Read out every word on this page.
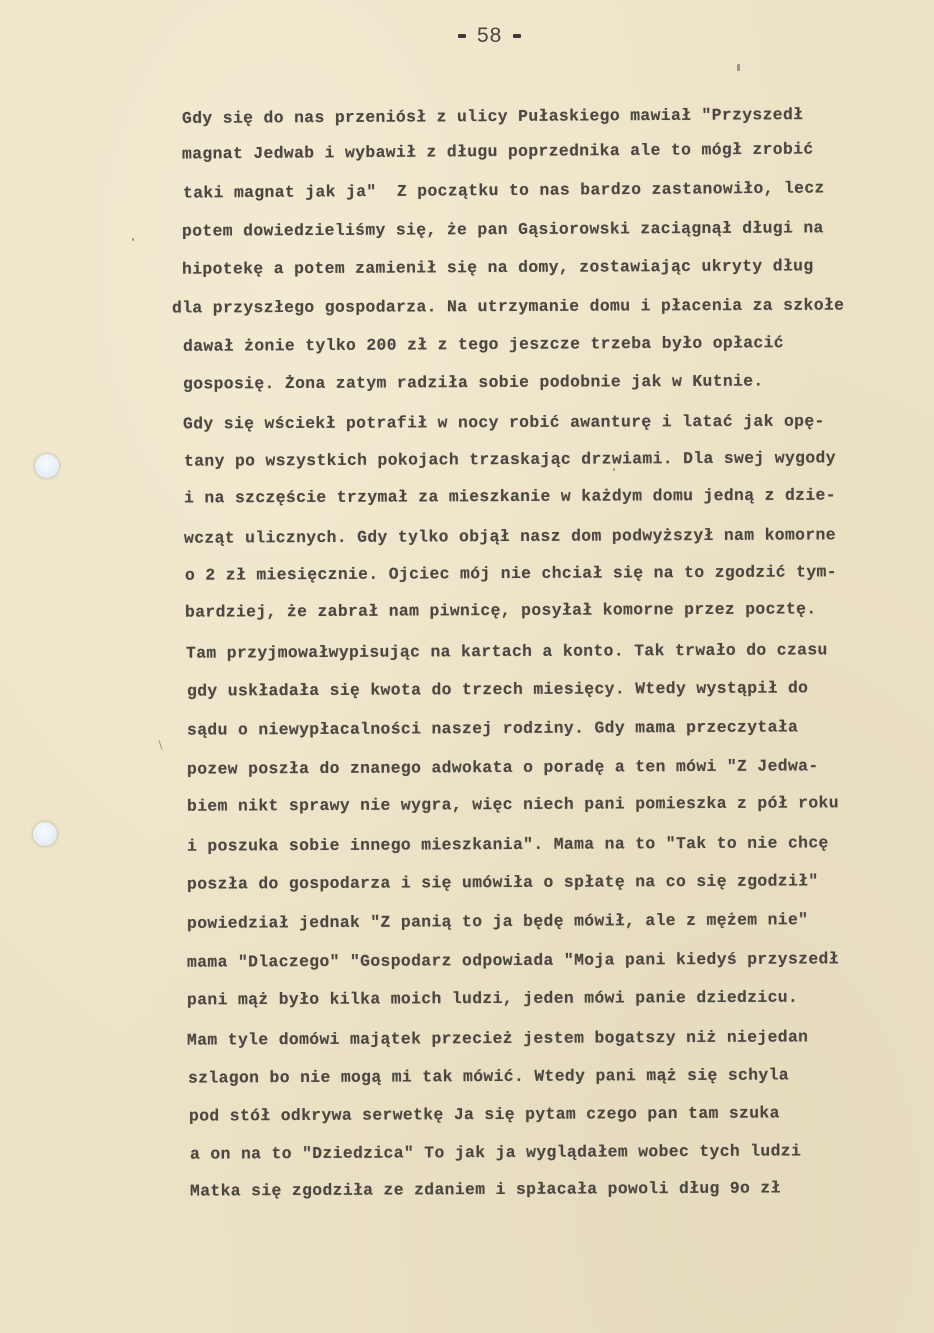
58
Gdy się do nas przeniósł z ulicy Pułaskiego mawiał "Przyszedł
magnat Jedwab i wybawił z długu poprzednika ale to mógł zrobić
taki magnat jak ja"  Z początku to nas bardzo zastanowiło, lecz
potem dowiedzieliśmy się, że pan Gąsiorowski zaciągnął długi na
hipotekę a potem zamienił się na domy, zostawiając ukryty dług
dla przyszłego gospodarza. Na utrzymanie domu i płacenia za szkołe
dawał żonie tylko 200 zł z tego jeszcze trzeba było opłacić
gosposię. Żona zatym radziła sobie podobnie jak w Kutnie.
Gdy się wściekł potrafił w nocy robić awanturę i latać jak opę-
tany po wszystkich pokojach trzaskając drzwiami. Dla swej wygody
i na szczęście trzymał za mieszkanie w każdym domu jedną z dzie-
wcząt ulicznych. Gdy tylko objął nasz dom podwyższył nam komorne
o 2 zł miesięcznie. Ojciec mój nie chciał się na to zgodzić tym-
bardziej, że zabrał nam piwnicę, posyłał komorne przez pocztę.
Tam przyjmowałwypisując na kartach a konto. Tak trwało do czasu
gdy uskładała się kwota do trzech miesięcy. Wtedy wystąpił do
sądu o niewypłacalności naszej rodziny. Gdy mama przeczytała
pozew poszła do znanego adwokata o poradę a ten mówi "Z Jedwa-
biem nikt sprawy nie wygra, więc niech pani pomieszka z pół roku
i poszuka sobie innego mieszkania". Mama na to "Tak to nie chcę
poszła do gospodarza i się umówiła o spłatę na co się zgodził"
powiedział jednak "Z panią to ja będę mówił, ale z mężem nie"
mama "Dlaczego" "Gospodarz odpowiada "Moja pani kiedyś przyszedł
pani mąż było kilka moich ludzi, jeden mówi panie dziedzicu.
Mam tyle domówi majątek przecież jestem bogatszy niż niejedan
szlagon bo nie mogą mi tak mówić. Wtedy pani mąż się schyla
pod stół odkrywa serwetkę Ja się pytam czego pan tam szuka
a on na to "Dziedzica" To jak ja wyglądałem wobec tych ludzi
Matka się zgodziła ze zdaniem i spłacała powoli dług 9o zł
